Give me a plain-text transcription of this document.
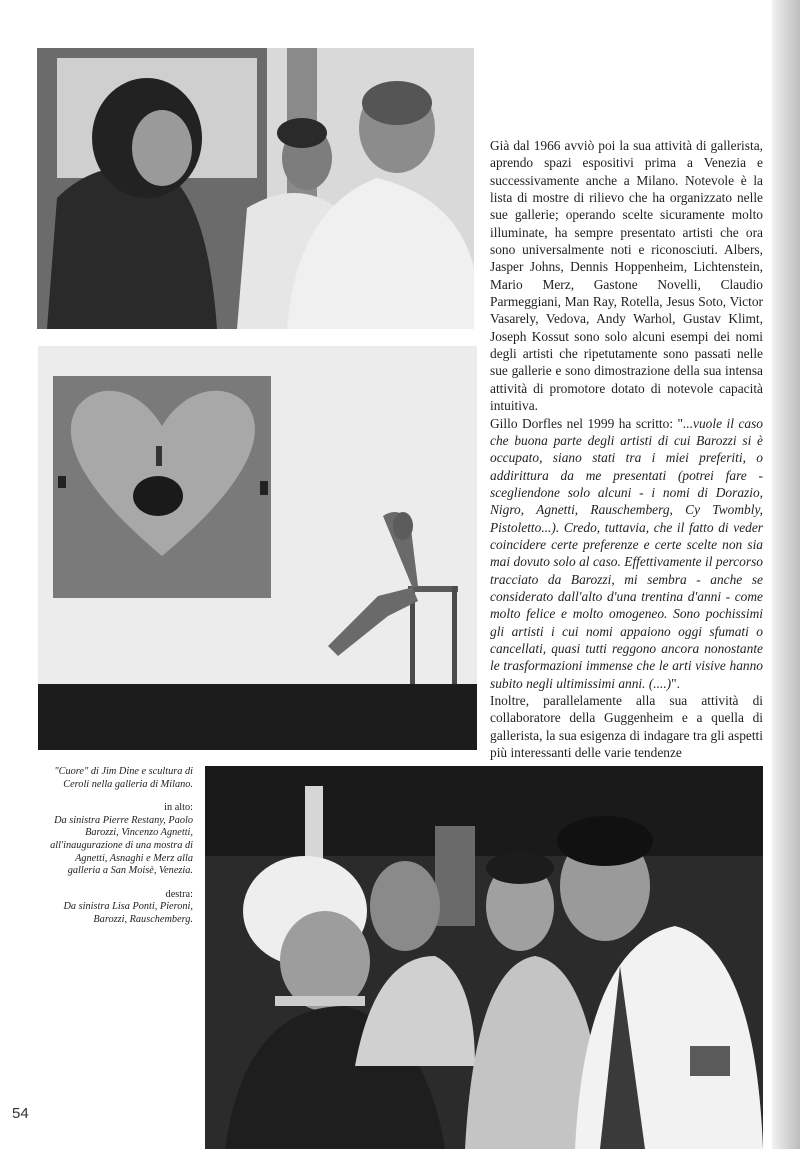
Già dal 1966 avviò poi la sua attività di gallerista, aprendo spazi espositivi prima a Venezia e successivamente anche a Milano. Notevole è la lista di mostre di rilievo che ha organizzato nelle sue gallerie; operando scelte sicuramente molto illuminate, ha sempre presentato artisti che ora sono universalmente noti e riconosciuti. Albers, Jasper Johns, Dennis Hoppenheim, Lichtenstein, Mario Merz, Gastone Novelli, Claudio Parmeggiani, Man Ray, Rotella, Jesus Soto, Victor Vasarely, Vedova, Andy Warhol, Gustav Klimt, Joseph Kossut sono solo alcuni esempi dei nomi degli artisti che ripetutamente sono passati nelle sue gallerie e sono dimostrazione della sua intensa attività di promotore dotato di notevole capacità intuitiva.

Gillo Dorfles nel 1999 ha scritto: "...vuole il caso che buona parte degli artisti di cui Barozzi si è occupato, siano stati tra i miei preferiti, o addirittura da me presentati (potrei fare - scegliendone solo alcuni - i nomi di Dorazio, Nigro, Agnetti, Rauschemberg, Cy Twombly, Pistoletto...). Credo, tuttavia, che il fatto di veder coincidere certe preferenze e certe scelte non sia mai dovuto solo al caso. Effettivamente il percorso tracciato da Barozzi, mi sembra - anche se considerato dall'alto d'una trentina d'anni - come molto felice e molto omogeneo. Sono pochissimi gli artisti i cui nomi appaiono oggi sfumati o cancellati, quasi tutti reggono ancora nonostante le trasformazioni immense che le arti visive hanno subito negli ultimissimi anni. (....)".

Inoltre, parallelamente alla sua attività di collaboratore della Guggenheim e a quella di gallerista, la sua esigenza di indagare tra gli aspetti più interessanti delle varie tendenze

"Cuore" di Jim Dine e scultura di Ceroli nella galleria di Milano.

in alto:
Da sinistra Pierre Restany, Paolo Barozzi, Vincenzo Agnetti, all'inaugurazione di una mostra di Agnetti, Asnaghi e Merz alla galleria a San Moisè, Venezia.

destra:
Da sinistra Lisa Ponti, Pieroni, Barozzi, Rauschemberg.

54
